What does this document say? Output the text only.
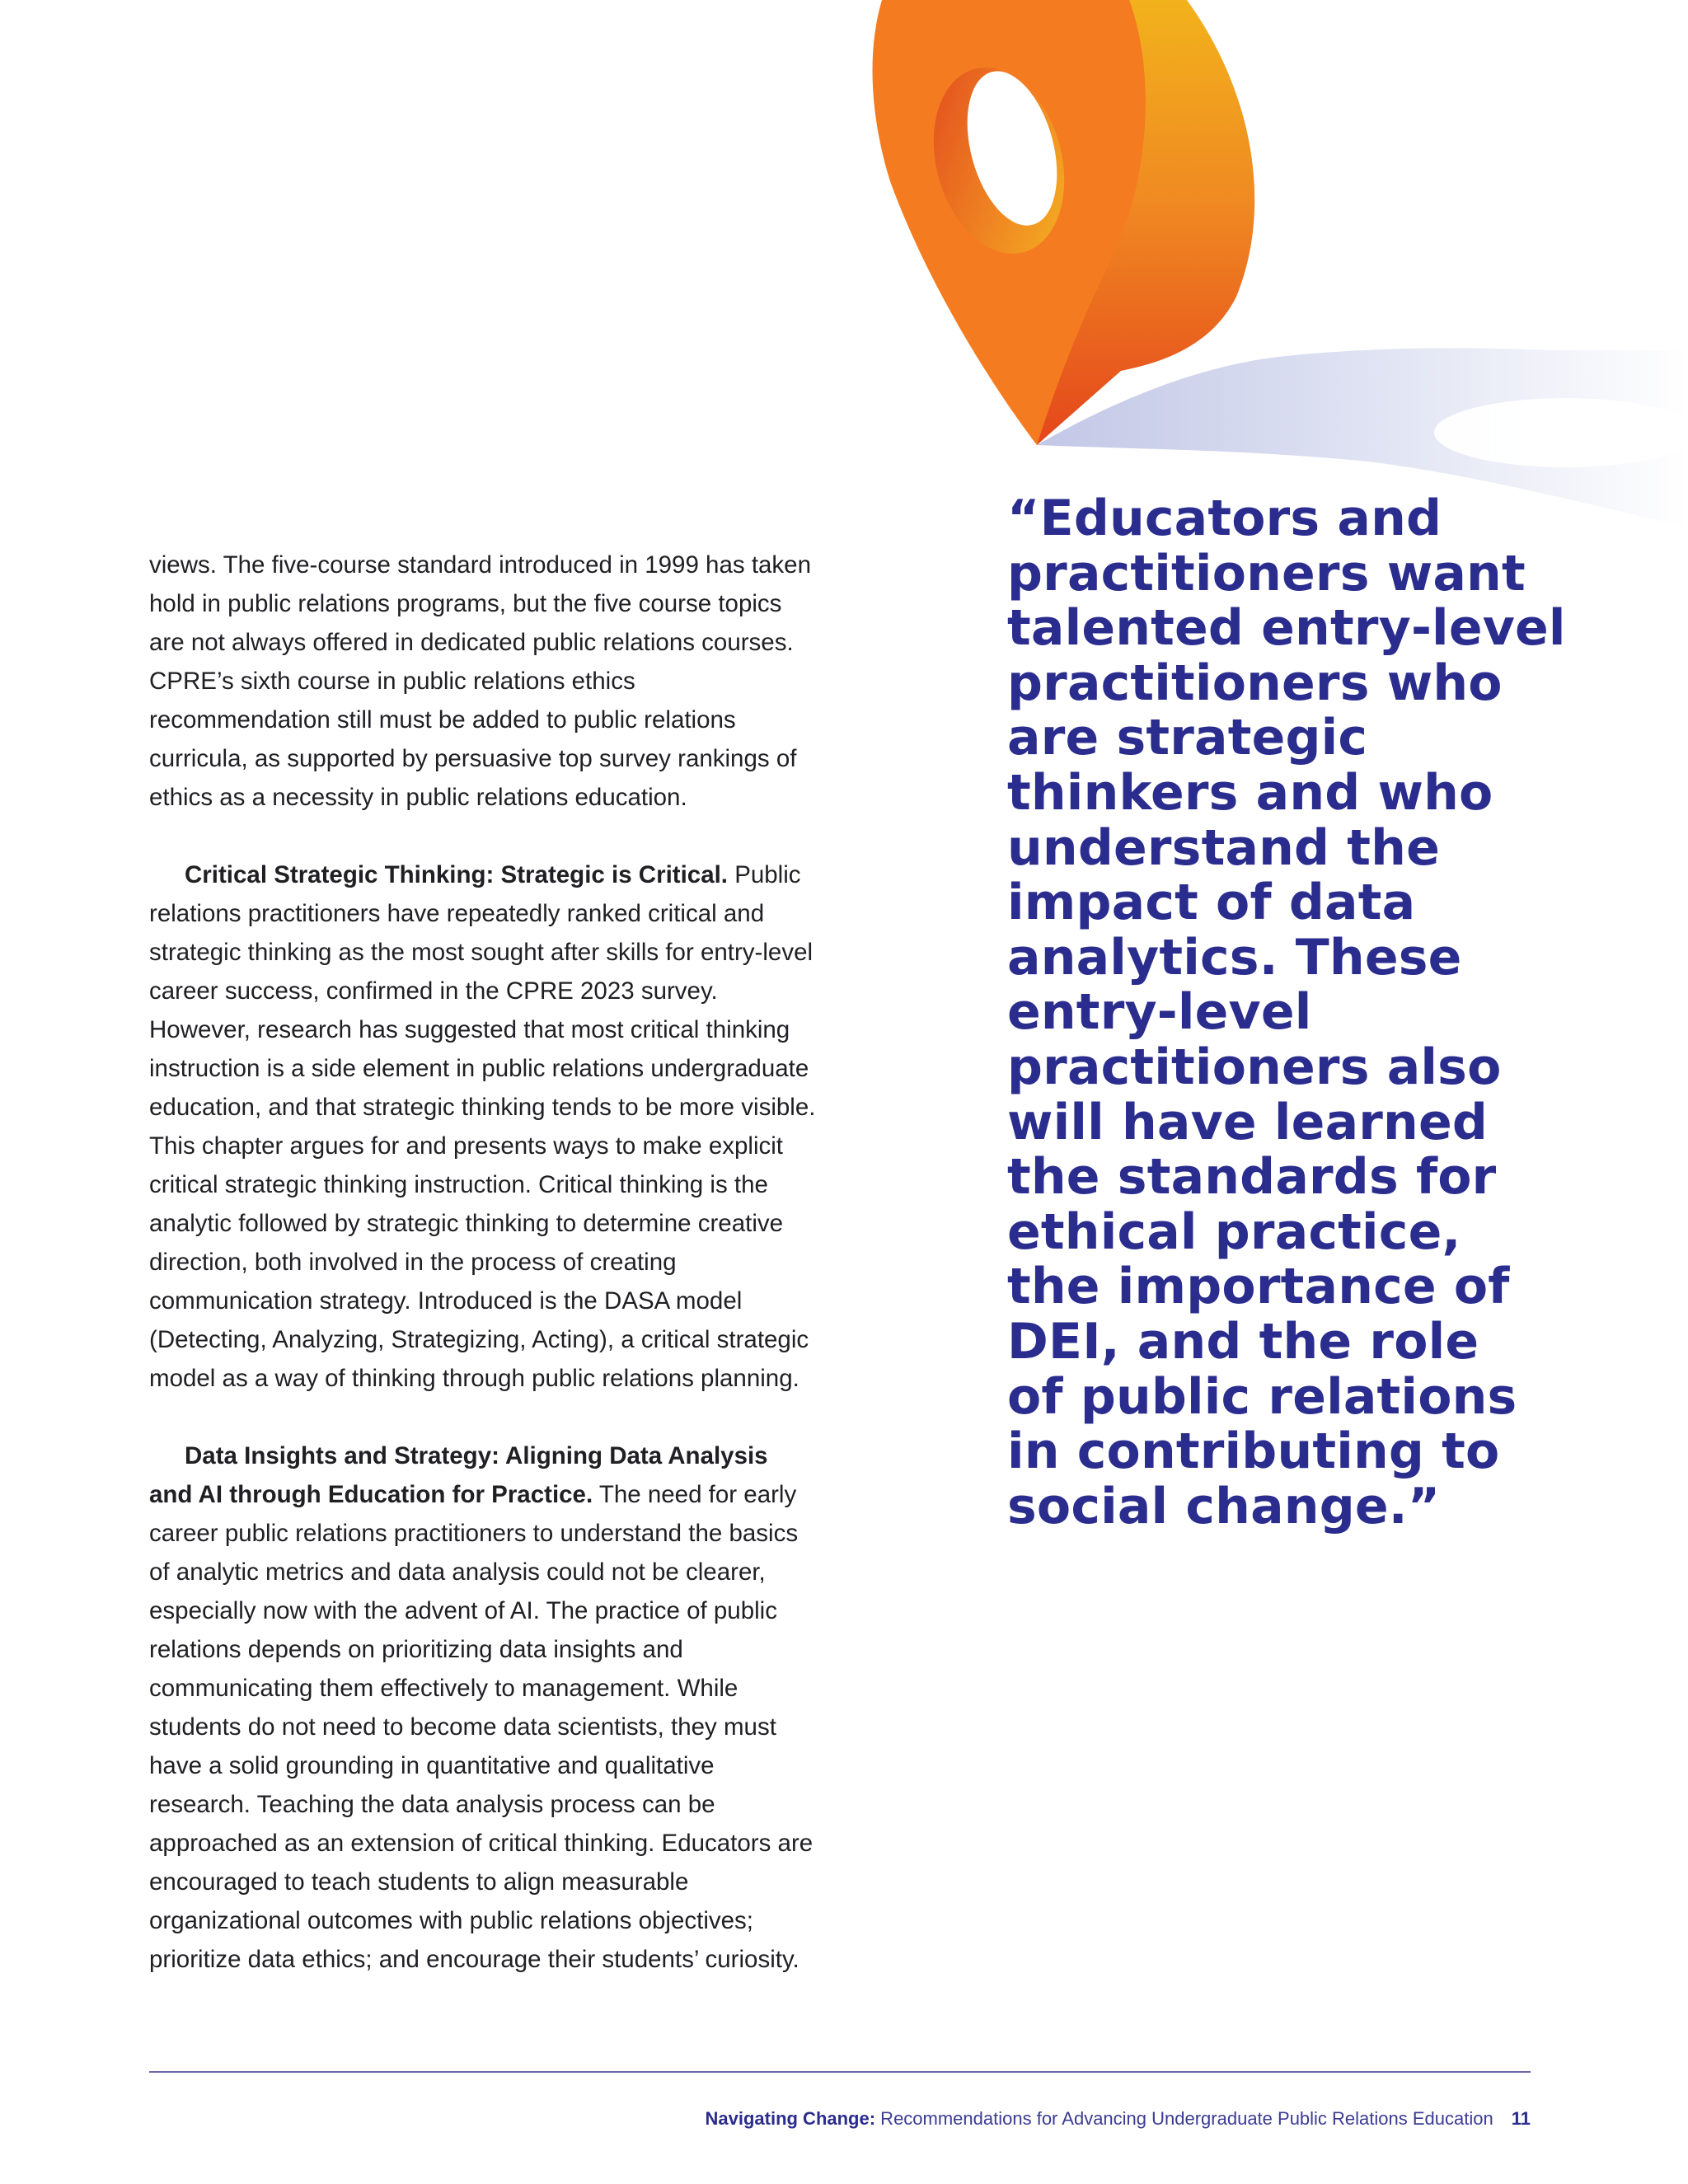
views. The five-course standard introduced in 1999 has taken hold in public relations programs, but the five course topics are not always offered in dedicated public relations courses. CPRE’s sixth course in public relations ethics recommendation still must be added to public relations curricula, as supported by persuasive top survey rankings of ethics as a necessity in public relations education.

Critical Strategic Thinking: Strategic is Critical. Public relations practitioners have repeatedly ranked critical and strategic thinking as the most sought after skills for entry-level career success, confirmed in the CPRE 2023 survey. However, research has suggested that most critical thinking instruction is a side element in public relations undergraduate education, and that strategic thinking tends to be more visible. This chapter argues for and presents ways to make explicit critical strategic thinking instruction. Critical thinking is the analytic followed by strategic thinking to determine creative direction, both involved in the process of creating communication strategy. Introduced is the DASA model (Detecting, Analyzing, Strategizing, Acting), a critical strategic model as a way of thinking through public relations planning.

Data Insights and Strategy: Aligning Data Analysis and AI through Education for Practice. The need for early career public relations practitioners to understand the basics of analytic metrics and data analysis could not be clearer, especially now with the advent of AI. The practice of public relations depends on prioritizing data insights and communicating them effectively to management. While students do not need to become data scientists, they must have a solid grounding in quantitative and qualitative research. Teaching the data analysis process can be approached as an extension of critical thinking. Educators are encouraged to teach students to align measurable organizational outcomes with public relations objectives; prioritize data ethics; and encourage their students’ curiosity.

“Educators and
practitioners want
talented entry-level
practitioners who
are strategic
thinkers and who
understand the
impact of data
analytics. These
entry-level
practitioners also
will have learned
the standards for
ethical practice,
the importance of
DEI, and the role
of public relations
in contributing to
social change.”
Navigating Change: Recommendations for Advancing Undergraduate Public Relations Education 11
